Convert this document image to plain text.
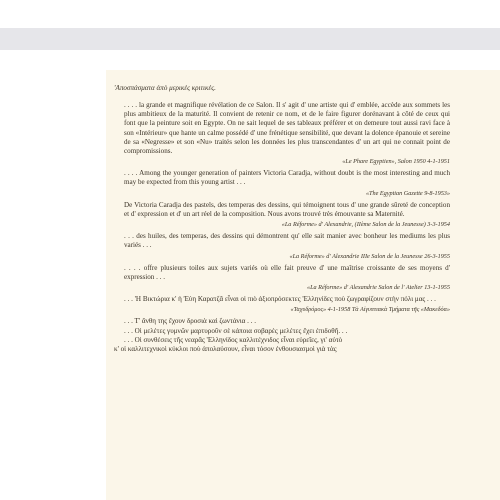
'Αποσπάσματα ἀπὸ μερικὲς κριτικές.
. . . . la grande et magnifique révélation de ce Salon. Il s' agit d' une artiste qui d' emblée, accède aux sommets les plus ambitieux de la maturité. Il convient de retenir ce nom, et de le faire figurer dorénavant à côté de ceux qui font que la peinture soit en Egypte. On ne sait lequel de ses tableaux préférer et on demeure tout aussi ravi face à son «Intérieur» que hante un calme possédé d' une frénétique sensibilité, que devant la dolence épanouie et sereine de sa «Negresse» et son «Nu» traités selon les données les plus transcendantes d' un art qui ne connait point de compromissions.
«Le Phare Egyptien», Salon 1950 4-1-1951
. . . . Among the younger generation of painters Victoria Caradja, without doubt is the most interesting and much may be expected from this young artist . . .
«The Egyptian Gazette 9-8-1953»
De Victoria Caradja des pastels, des temperas des dessins, qui témoignent tous d' une grande sûreté de conception et d' expression et d' un art réel de la composition. Nous avons trouvé très émouvante sa Maternité.
«La Réforme» d' Alexandrie, (IIème Salon de la Jeunesse) 3-3-1954
. . . des huiles, des temperas, des dessins qui démontrent qu' elle sait manier avec bonheur les mediums les plus variés . . .
«La Réforme» d' Alexandrie IIIe Salon de la Jeunesse 26-3-1955
. . . . offre plusieurs toiles aux sujets variés où elle fait preuve d' une maîtrise croissante de ses moyens d' expression . . .
«La Réforme» d' Alexandrie Salon de l' Atelier 13-1-1955
. . . 'Η Βικτώρια κ' ἡ Ἐὐη Καρατζᾶ εἶναι οἱ πιὸ ἀξιοπρόσεκτες 'Ελληνίδες ποὺ ζωγραφίζουν στὴν πόλι μας . . .
«Ταχυδρόμος» 4-1-1958 Τὰ Αἰγυπτιακὰ Τμήματα τῆς «Μακεδόα»
. . . Τ' ἄνθη της ἔχουν δροσιὰ καὶ ζωντάνια . . .
. . . Οἱ μελέτες γυμνῶν μαρτυροῦν σὲ κάποια σοβαρὲς μελέτες ἔχει ἐπιδοθῆ. . .
. . . Οἱ συνθέσεις τῆς νεαρᾶς 'Ελληνίδος καλλιτέχνιδος εἶναι εὐρεῖες, γι' αὐτὸ
κ' οἱ καλλιτεχνικοὶ κύκλοι ποὺ ἀπολαύσουν, εἶναι τόσον ἐνθουσιασμοὶ γιὰ τὰς
